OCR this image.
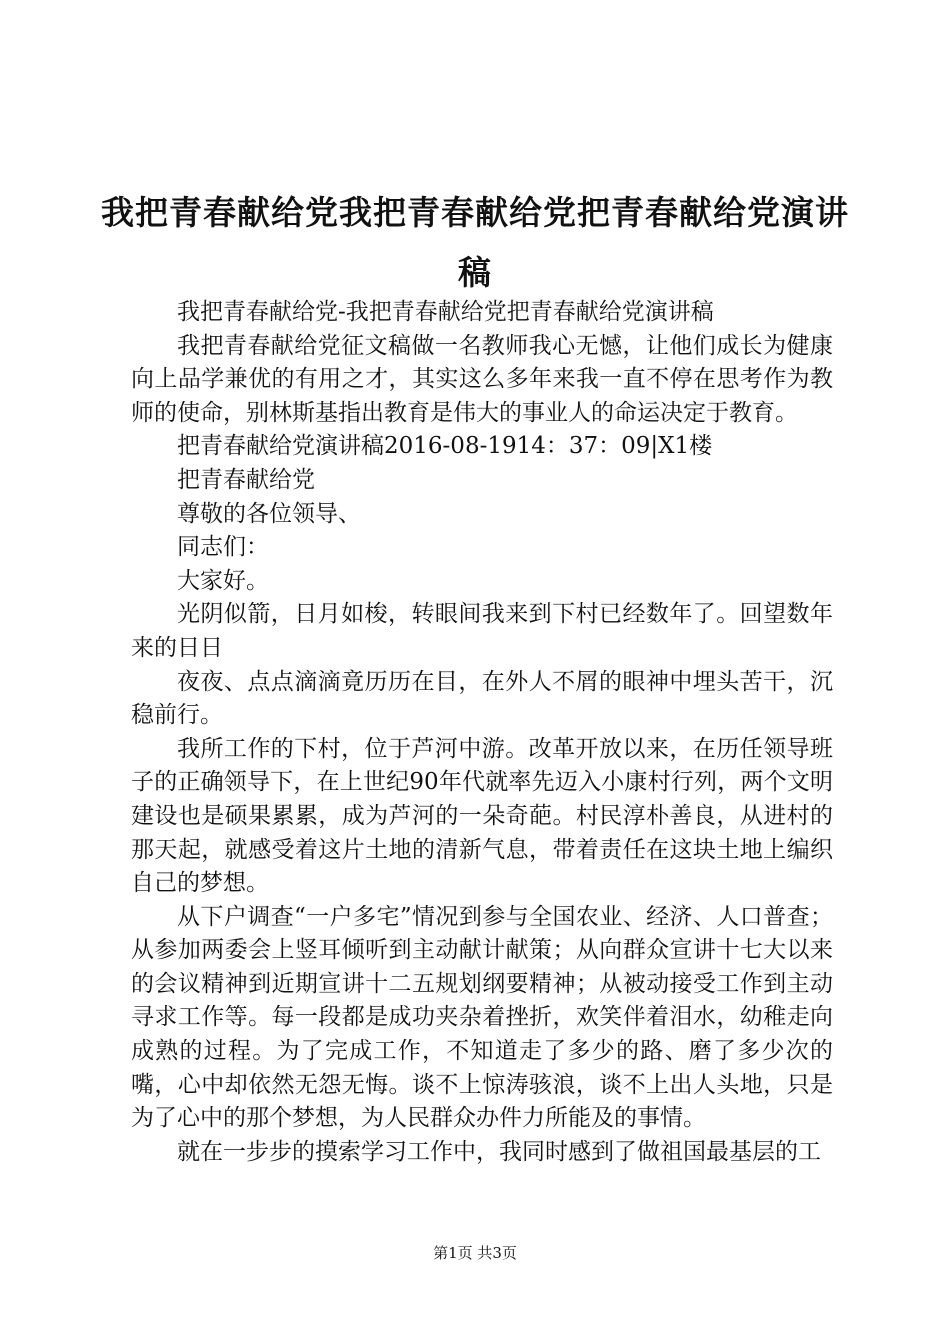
我把青春献给党我把青春献给党把青春献给党演讲稿

我把青春献给党-我把青春献给党把青春献给党演讲稿

我把青春献给党征文稿做一名教师我心无憾，让他们成长为健康向上品学兼优的有用之才，其实这么多年来我一直不停在思考作为教师的使命，别林斯基指出教育是伟大的事业人的命运决定于教育。

把青春献给党演讲稿2016-08-1914：37：09|X1楼

把青春献给党

尊敬的各位领导、

同志们：

大家好。

光阴似箭，日月如梭，转眼间我来到下村已经数年了。回望数年来的日日

夜夜、点点滴滴竟历历在目，在外人不屑的眼神中埋头苦干，沉稳前行。

我所工作的下村，位于芦河中游。改革开放以来，在历任领导班子的正确领导下，在上世纪90年代就率先迈入小康村行列，两个文明建设也是硕果累累，成为芦河的一朵奇葩。村民淳朴善良，从进村的那天起，就感受着这片土地的清新气息，带着责任在这块土地上编织自己的梦想。

从下户调查“一户多宅”情况到参与全国农业、经济、人口普查；从参加两委会上竖耳倾听到主动献计献策；从向群众宣讲十七大以来的会议精神到近期宣讲十二五规划纲要精神；从被动接受工作到主动寻求工作等。每一段都是成功夹杂着挫折，欢笑伴着泪水，幼稚走向成熟的过程。为了完成工作，不知道走了多少的路、磨了多少次的嘴，心中却依然无怨无悔。谈不上惊涛骇浪，谈不上出人头地，只是为了心中的那个梦想，为人民群众办件力所能及的事情。

就在一步步的摸索学习工作中，我同时感到了做祖国最基层的工

第1页 共3页
